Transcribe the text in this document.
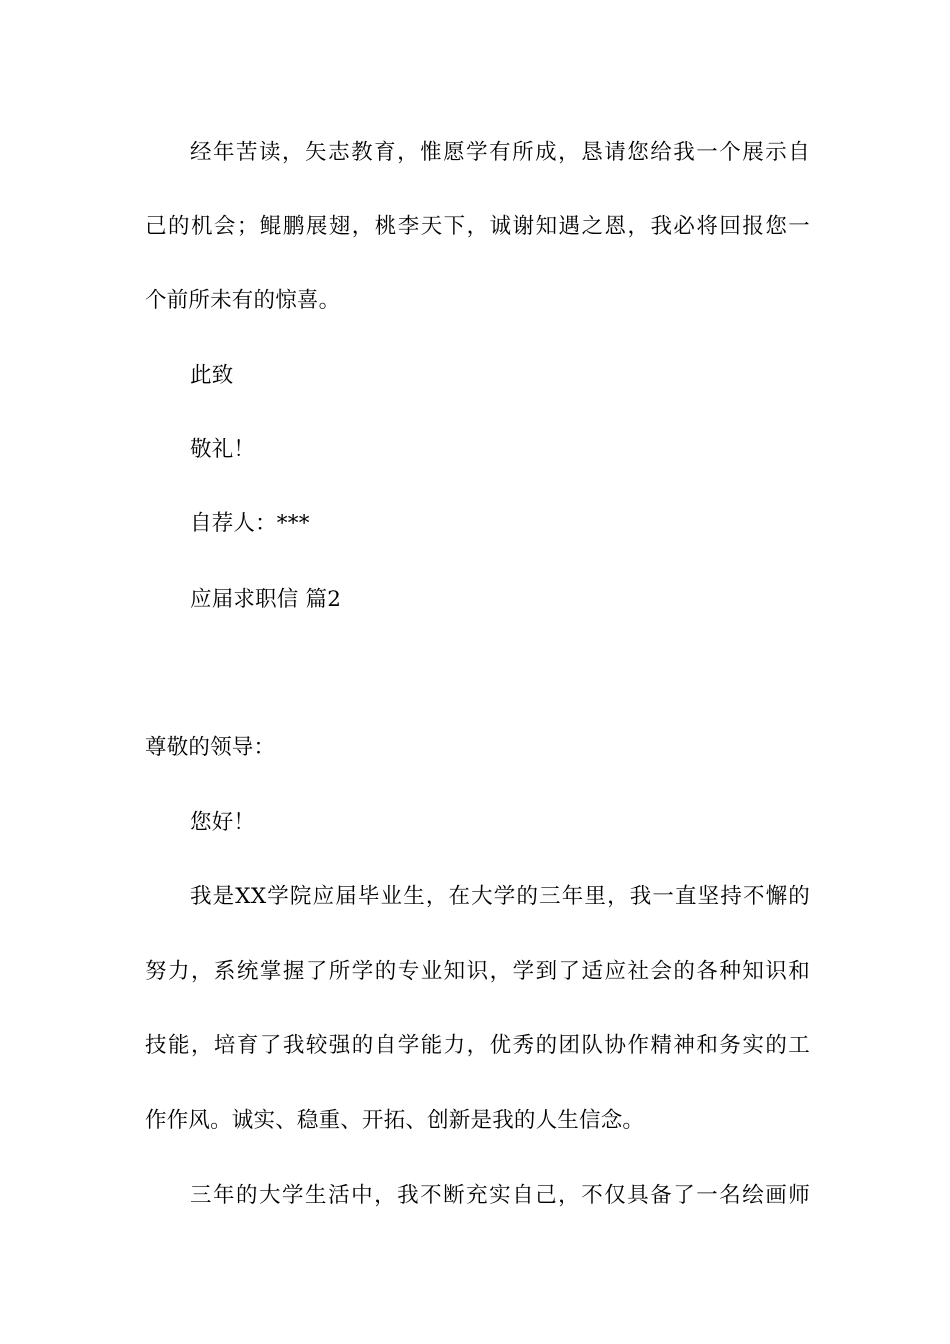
经年苦读，矢志教育，惟愿学有所成，恳请您给我一个展示自
己的机会；鲲鹏展翅，桃李天下，诚谢知遇之恩，我必将回报您一
个前所未有的惊喜。
此致
敬礼！
自荐人：***
应届求职信 篇2
尊敬的领导：
您好！
我是XX学院应届毕业生，在大学的三年里，我一直坚持不懈的
努力，系统掌握了所学的专业知识，学到了适应社会的各种知识和
技能，培育了我较强的自学能力，优秀的团队协作精神和务实的工
作作风。诚实、稳重、开拓、创新是我的人生信念。
三年的大学生活中，我不断充实自己，不仅具备了一名绘画师
